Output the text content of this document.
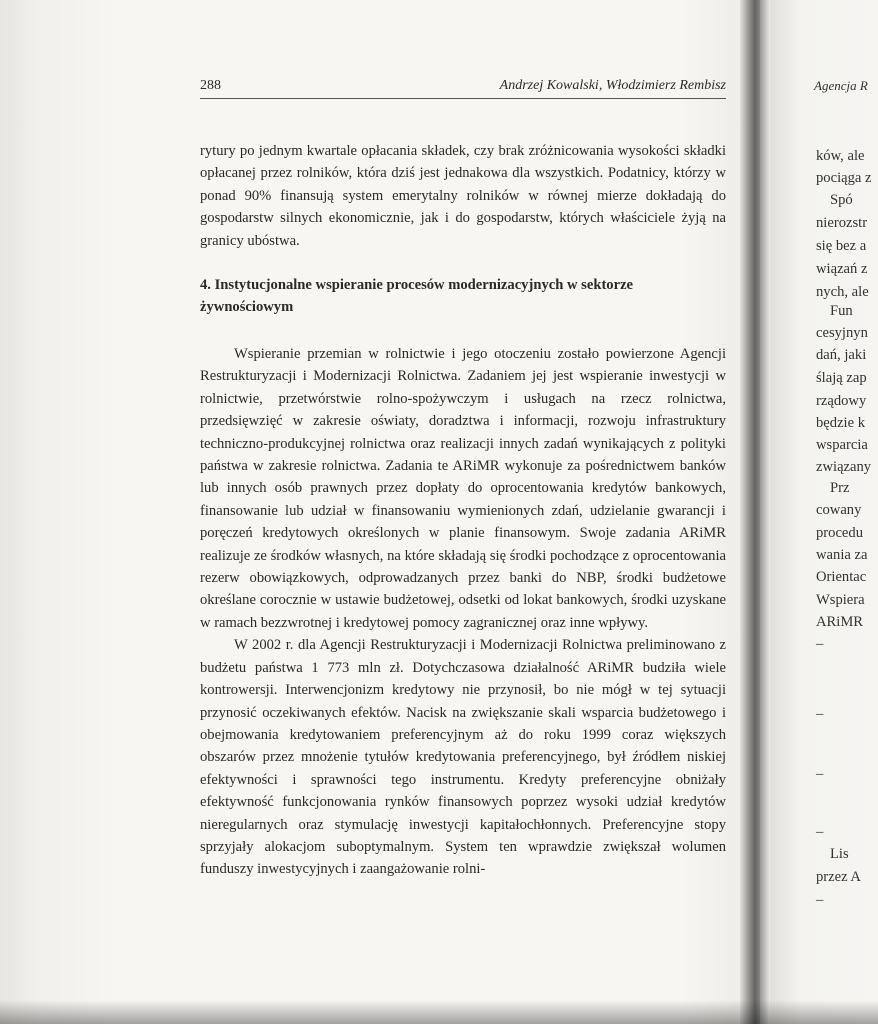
288	Andrzej Kowalski, Włodzimierz Rembisz

rytury po jednym kwartale opłacania składek, czy brak zróżnicowania wysokości składki opłacanej przez rolników, która dziś jest jednakowa dla wszystkich. Podatnicy, którzy w ponad 90% finansują system emerytalny rolników w równej mierze dokładają do gospodarstw silnych ekonomicznie, jak i do gospodarstw, których właściciele żyją na granicy ubóstwa.

4. Instytucjonalne wspieranie procesów modernizacyjnych w sektorze żywnościowym

Wspieranie przemian w rolnictwie i jego otoczeniu zostało powierzone Agencji Restrukturyzacji i Modernizacji Rolnictwa. Zadaniem jej jest wspieranie inwestycji w rolnictwie, przetwórstwie rolno-spożywczym i usługach na rzecz rolnictwa, przedsięwzięć w zakresie oświaty, doradztwa i informacji, rozwoju infrastruktury techniczno-produkcyjnej rolnictwa oraz realizacji innych zadań wynikających z polityki państwa w zakresie rolnictwa. Zadania te ARiMR wykonuje za pośrednictwem banków lub innych osób prawnych przez dopłaty do oprocentowania kredytów bankowych, finansowanie lub udział w finansowaniu wymienionych zdań, udzielanie gwarancji i poręczeń kredytowych określonych w planie finansowym. Swoje zadania ARiMR realizuje ze środków własnych, na które składają się środki pochodzące z oprocentowania rezerw obowiązkowych, odprowadzanych przez banki do NBP, środki budżetowe określane corocznie w ustawie budżetowej, odsetki od lokat bankowych, środki uzyskane w ramach bezzwrotnej i kredytowej pomocy zagranicznej oraz inne wpływy.

W 2002 r. dla Agencji Restrukturyzacji i Modernizacji Rolnictwa preliminowano z budżetu państwa 1 773 mln zł. Dotychczasowa działalność ARiMR budziła wiele kontrowersji. Interwencjonizm kredytowy nie przynosił, bo nie mógł w tej sytuacji przynosić oczekiwanych efektów. Nacisk na zwiększanie skali wsparcia budżetowego i obejmowania kredytowaniem preferencyjnym aż do roku 1999 coraz większych obszarów przez mnożenie tytułów kredytowania preferencyjnego, był źródłem niskiej efektywności i sprawności tego instrumentu. Kredyty preferencyjne obniżały efektywność funkcjonowania rynków finansowych poprzez wysoki udział kredytów nieregularnych oraz stymulację inwestycji kapitałochłonnych. Preferencyjne stopy sprzyjały alokacjom suboptymalnym. System ten wprawdzie zwiększał wolumen funduszy inwestycyjnych i zaangażowanie rolni-

Agencja R
ków, ale
pociąga z
Spó
nierozstr
się bez a
wiązań z
nych, ale
Fun
cesyjnyn
dań, jaki
ślają zap
rządowy
będzie k
wsparcia
związany
Prz
cowany
procedu
wania za
Orientac
Wspiera
ARiMR
–
–
–
–
Lis
przez A
–
